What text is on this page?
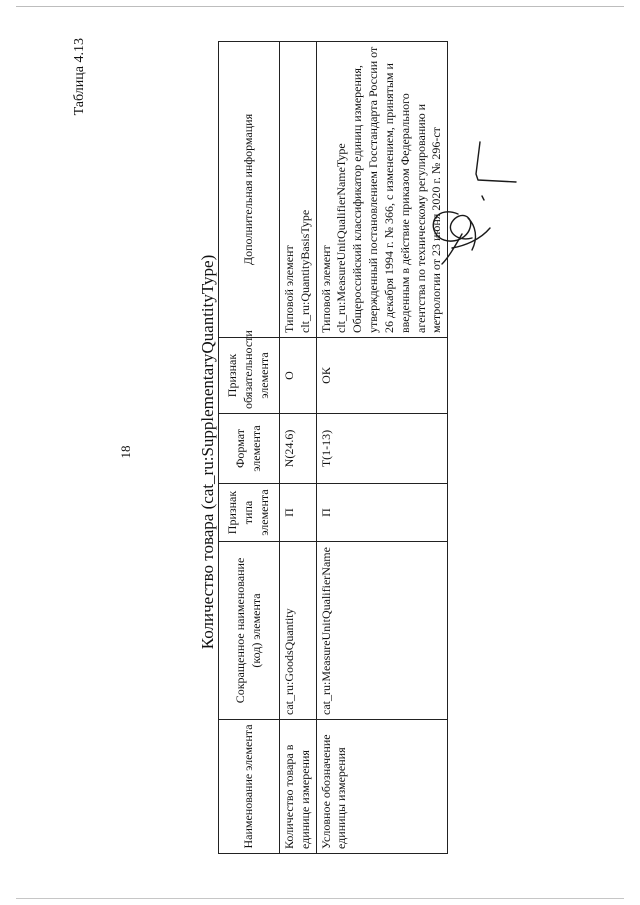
18
Таблица 4.13
Количество товара (cat_ru:SupplementaryQuantityType)
Наименование элемента	Сокращенное наименование (код) элемента	Признак типа элемента	Формат элемента	Признак обязательности элемента	Дополнительная информация
Количество товара в единице измерения	cat_ru:GoodsQuantity	П	N(24.6)	О	Типовой элемент clt_ru:QuantityBasisType

Условное обозначение единицы измерения	cat_ru:MeasureUnitQualifierName	П	T(1-13)	ОК	Типовой элемент clt_ru:MeasureUnitQualifierNameType Общероссийский классификатор единиц измерения, утвержденный постановлением Госстандарта России от 26 декабря 1994 г. № 366, с изменением, принятым и введенным в действие приказом Федерального агентства по техническому регулированию и метрологии от 23 июня 2020 г. № 296-ст
